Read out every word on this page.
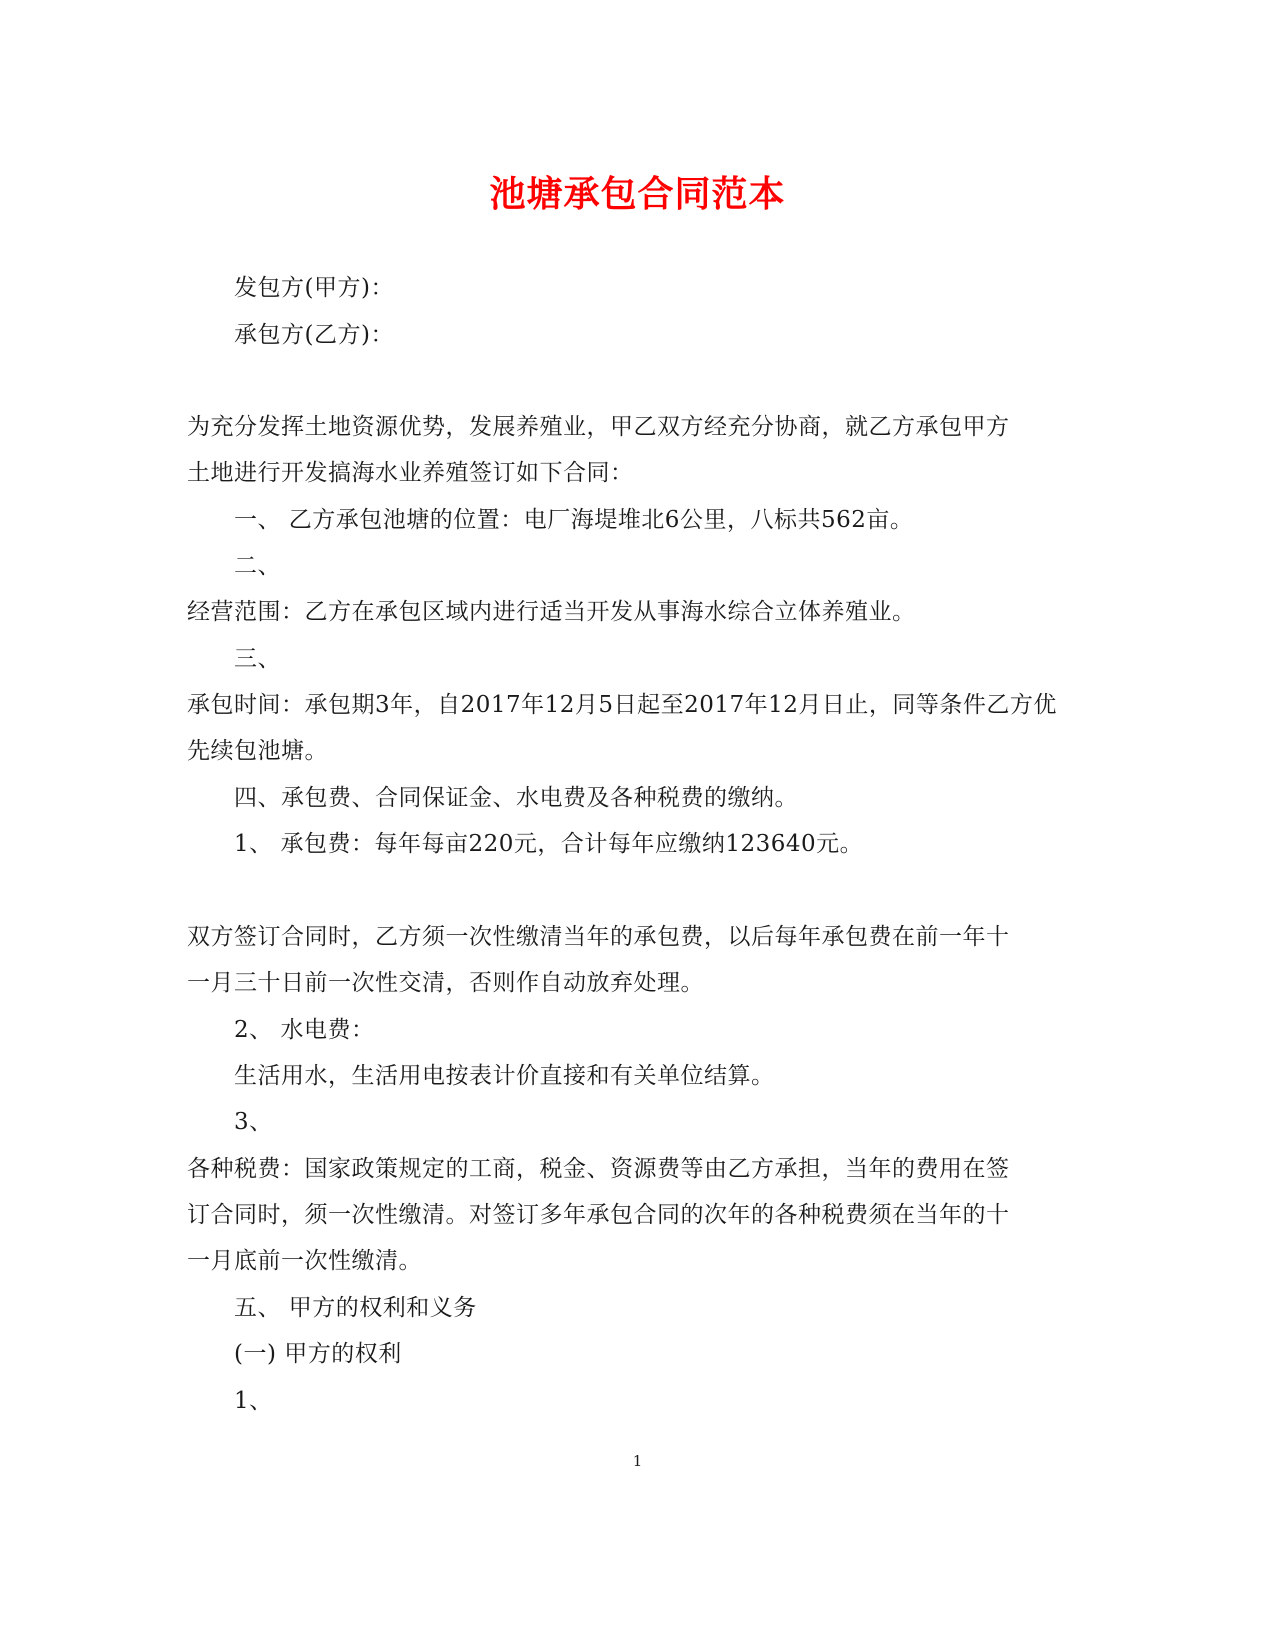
池塘承包合同范本
发包方(甲方)：
承包方(乙方)：
为充分发挥土地资源优势，发展养殖业，甲乙双方经充分协商，就乙方承包甲方
土地进行开发搞海水业养殖签订如下合同：
一、 乙方承包池塘的位置：电厂海堤堆北6公里，八标共562亩。
二、
经营范围：乙方在承包区域内进行适当开发从事海水综合立体养殖业。
三、
承包时间：承包期3年，自2017年12月5日起至2017年12月日止，同等条件乙方优
先续包池塘。
四、承包费、合同保证金、水电费及各种税费的缴纳。
1、 承包费：每年每亩220元，合计每年应缴纳123640元。
双方签订合同时，乙方须一次性缴清当年的承包费，以后每年承包费在前一年十
一月三十日前一次性交清，否则作自动放弃处理。
2、 水电费：
生活用水，生活用电按表计价直接和有关单位结算。
3、
各种税费：国家政策规定的工商，税金、资源费等由乙方承担，当年的费用在签
订合同时，须一次性缴清。对签订多年承包合同的次年的各种税费须在当年的十
一月底前一次性缴清。
五、 甲方的权利和义务
(一) 甲方的权利
1、
1
